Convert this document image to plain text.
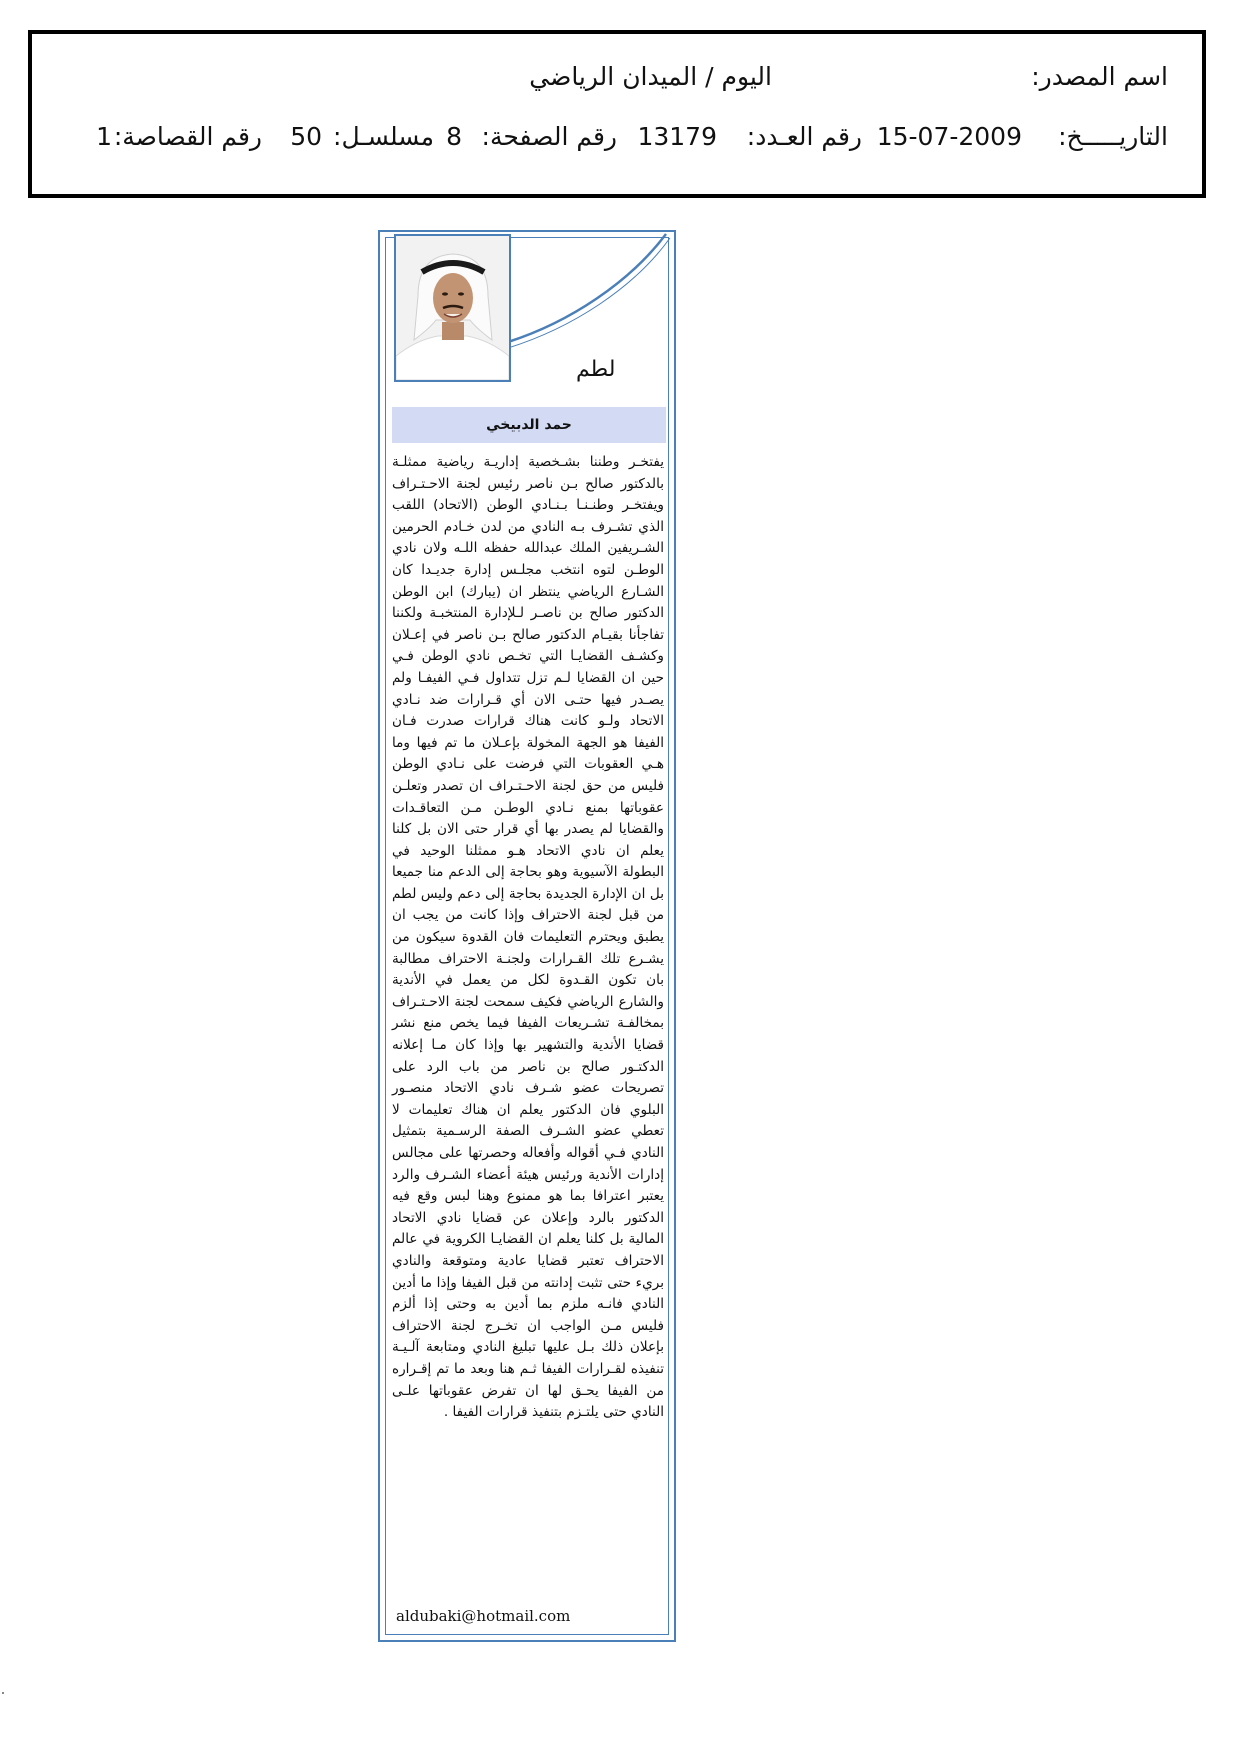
اسم المصدر:
اليوم / الميدان الرياضي
التاريـــــخ:
15-07-2009
رقم العـدد:
13179
رقم الصفحة:
8
مسلسـل:
50
رقم القصاصة:
1
لطم
حمد الدبيخي
يفتخـر وطننا بشـخصية إداريـة رياضية ممثلـة بالدكتور صالح بـن ناصر رئيس لجنة الاحـتـراف ويفتخـر وطنـنـا بـنـادي الوطن (الاتحاد) اللقب الذي تشـرف بـه النادي من لدن خـادم الحرمين الشـريفين الملك عبدالله حفظه اللـه ولان نادي الوطـن لتوه انتخب مجلـس إدارة جديـدا كان الشـارع الرياضي ينتظر ان (يبارك) ابن الوطن الدكتور صالح بن ناصـر لـلإدارة المنتخبـة ولكننا تفاجأنا بقيـام الدكتور صالح بـن ناصر في إعـلان وكشـف القضايـا التي تخـص نادي الوطن فـي حين ان القضايا لـم تزل تتداول فـي الفيفـا ولم يصـدر فيها حتـى الان أي قـرارات ضد نـادي الاتحاد ولـو كانت هناك قرارات صدرت فـان الفيفا هو الجهة المخولة بإعـلان ما تم فيها وما هـي العقوبات التي فرضت على نـادي الوطن فليس من حق لجنة الاحـتـراف ان تصدر وتعلـن عقوباتها بمنع نـادي الوطـن مـن التعاقـدات والقضايا لم يصدر بها أي قرار حتى الان بل كلنا يعلم ان نادي الاتحاد هـو ممثلنا الوحيد في البطولة الآسيوية وهو بحاجة إلى الدعم منا جميعا بل ان الإدارة الجديدة بحاجة إلى دعم وليس لطم من قبل لجنة الاحتراف وإذا كانت من يجب ان يطبق ويحترم التعليمات فان القدوة سيكون من يشـرع تلك القـرارات ولجنـة الاحتراف مطالبة بان تكون القـدوة لكل من يعمل في الأندية والشارع الرياضي فكيف سمحت لجنة الاحـتـراف بمخالفـة تشـريعات الفيفا فيما يخص منع نشر قضايا الأندية والتشهير بها وإذا كان مـا إعلانه الدكتـور صالح بن ناصر من باب الرد على تصريحات عضو شـرف نادي الاتحاد منصـور البلوي فان الدكتور يعلم ان هناك تعليمات لا تعطي عضو الشـرف الصفة الرسـمية بتمثيل النادي فـي أقواله وأفعاله وحصرتها على مجالس إدارات الأندية ورئيس هيئة أعضاء الشـرف والرد يعتبر اعترافا بما هو ممنوع وهنا لبس وقع فيه الدكتور بالرد وإعلان عن قضايا نادي الاتحاد المالية بل كلنا يعلم ان القضايـا الكروية في عالم الاحتراف تعتبر قضايا عادية ومتوقعة والنادي بريء حتى تثبت إدانته من قبل الفيفا وإذا ما أدين النادي فانـه ملزم بما أدين به وحتى إذا ألزم فليس مـن الواجب ان تخـرج لجنة الاحتراف بإعلان ذلك بـل عليها تبليغ النادي ومتابعة آلـيـة تنفيذه لقـرارات الفيفا ثـم هنا وبعد ما تم إقـراره من الفيفا يحـق لها ان تفرض عقوباتها علـى النادي حتى يلتـزم بتنفيذ قرارات الفيفا .
aldubaki@hotmail.com
